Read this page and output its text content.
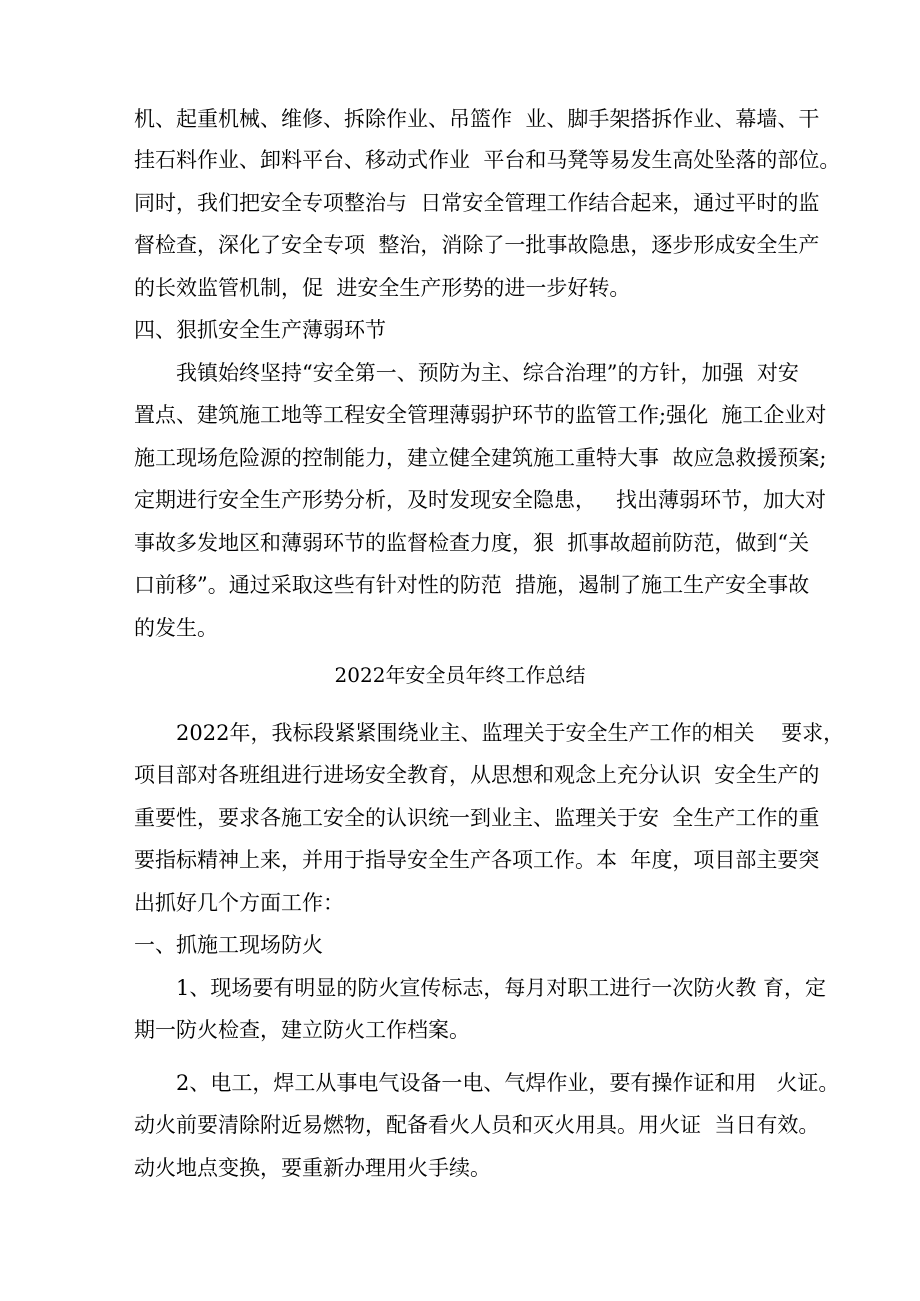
机、起重机械、维修、拆除作业、吊篮作  业、脚手架搭拆作业、幕墙、干

挂石料作业、卸料平台、移动式作业  平台和马凳等易发生高处坠落的部位。

同时，我们把安全专项整治与  日常安全管理工作结合起来，通过平时的监

督检查，深化了安全专项  整治，消除了一批事故隐患，逐步形成安全生产

的长效监管机制，促  进安全生产形势的进一步好转。

四、狠抓安全生产薄弱环节

我镇始终坚持“安全第一、预防为主、综合治理”的方针，加强  对安

置点、建筑施工地等工程安全管理薄弱护环节的监管工作;强化  施工企业对

施工现场危险源的控制能力，建立健全建筑施工重特大事  故应急救援预案;

定期进行安全生产形势分析，及时发现安全隐患，   找出薄弱环节，加大对

事故多发地区和薄弱环节的监督检查力度，狠  抓事故超前防范，做到“关

口前移”。通过采取这些有针对性的防范  措施，遏制了施工生产安全事故

的发生。

2022年安全员年终工作总结

2022年，我标段紧紧围绕业主、监理关于安全生产工作的相关    要求，

项目部对各班组进行进场安全教育，从思想和观念上充分认识  安全生产的

重要性，要求各施工安全的认识统一到业主、监理关于安  全生产工作的重

要指标精神上来，并用于指导安全生产各项工作。本  年度，项目部主要突

出抓好几个方面工作：

一、抓施工现场防火

1、现场要有明显的防火宣传标志，每月对职工进行一次防火教 育，定

期一防火检查，建立防火工作档案。

2、电工，焊工从事电气设备一电、气焊作业，要有操作证和用   火证。

动火前要清除附近易燃物，配备看火人员和灭火用具。用火证  当日有效。

动火地点变换，要重新办理用火手续。
